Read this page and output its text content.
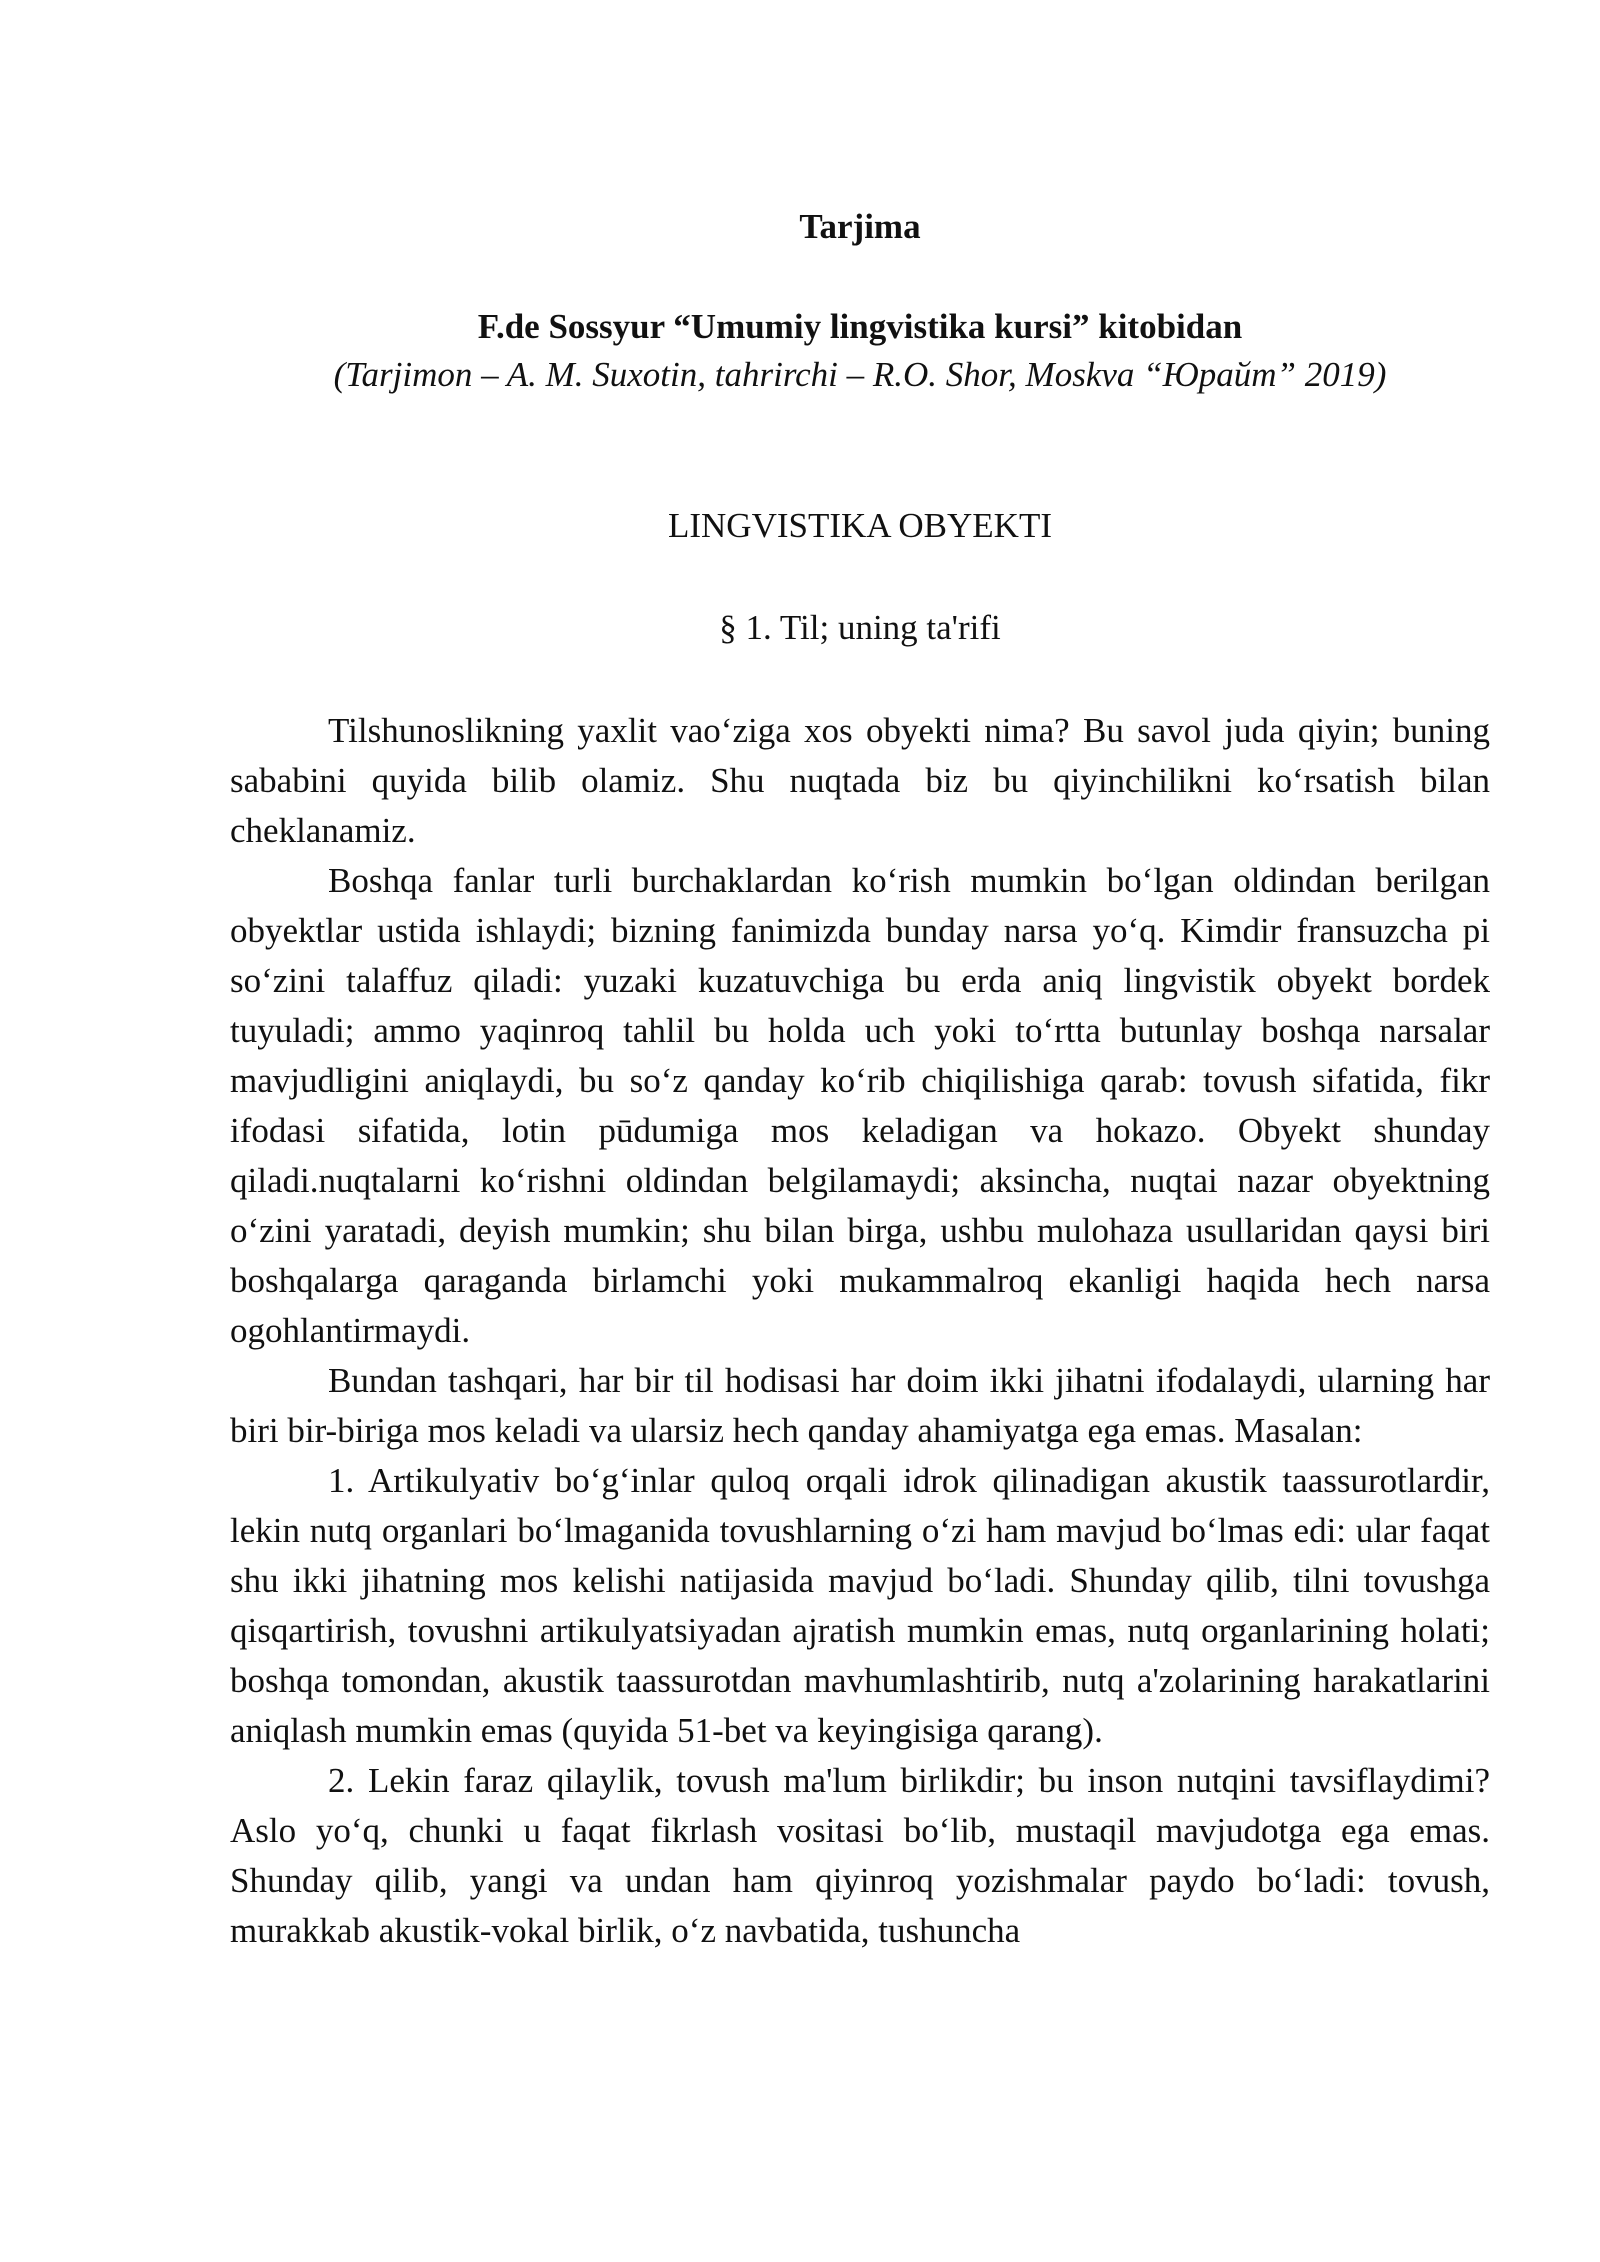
Tarjima
F.de Sossyur “Umumiy lingvistika kursi” kitobidan
(Tarjimon – A. M. Suxotin, tahrirchi – R.O. Shor, Moskva “Юрайт” 2019)
LINGVISTIKA OBYEKTI
§ 1. Til; uning ta'rifi

Tilshunoslikning yaxlit vaoʻziga xos obyekti nima? Bu savol juda qiyin; buning sababini quyida bilib olamiz. Shu nuqtada biz bu qiyinchilikni koʻrsatish bilan cheklanamiz.

Boshqa fanlar turli burchaklardan koʻrish mumkin boʻlgan oldindan berilgan obyektlar ustida ishlaydi; bizning fanimizda bunday narsa yoʻq. Kimdir fransuzcha pi soʻzini talaffuz qiladi: yuzaki kuzatuvchiga bu erda aniq lingvistik obyekt bordek tuyuladi; ammo yaqinroq tahlil bu holda uch yoki toʻrtta butunlay boshqa narsalar mavjudligini aniqlaydi, bu soʻz qanday koʻrib chiqilishiga qarab: tovush sifatida, fikr ifodasi sifatida, lotin pūdumiga mos keladigan va hokazo. Obyekt shunday qiladi.nuqtalarni koʻrishni oldindan belgilamaydi; aksincha, nuqtai nazar obyektning oʻzini yaratadi, deyish mumkin; shu bilan birga, ushbu mulohaza usullaridan qaysi biri boshqalarga qaraganda birlamchi yoki mukammalroq ekanligi haqida hech narsa ogohlantirmaydi.

Bundan tashqari, har bir til hodisasi har doim ikki jihatni ifodalaydi, ularning har biri bir-biriga mos keladi va ularsiz hech qanday ahamiyatga ega emas. Masalan:

1. Artikulyativ boʻgʻinlar quloq orqali idrok qilinadigan akustik taassurotlardir, lekin nutq organlari boʻlmaganida tovushlarning oʻzi ham mavjud boʻlmas edi: ular faqat shu ikki jihatning mos kelishi natijasida mavjud boʻladi. Shunday qilib, tilni tovushga qisqartirish, tovushni artikulyatsiyadan ajratish mumkin emas, nutq organlarining holati; boshqa tomondan, akustik taassurotdan mavhumlashtirib, nutq a'zolarining harakatlarini aniqlash mumkin emas (quyida 51-bet va keyingisiga qarang).

2. Lekin faraz qilaylik, tovush ma'lum birlikdir; bu inson nutqini tavsiflaydimi? Aslo yoʻq, chunki u faqat fikrlash vositasi boʻlib, mustaqil mavjudotga ega emas. Shunday qilib, yangi va undan ham qiyinroq yozishmalar paydo boʻladi: tovush, murakkab akustik-vokal birlik, oʻz navbatida, tushuncha
